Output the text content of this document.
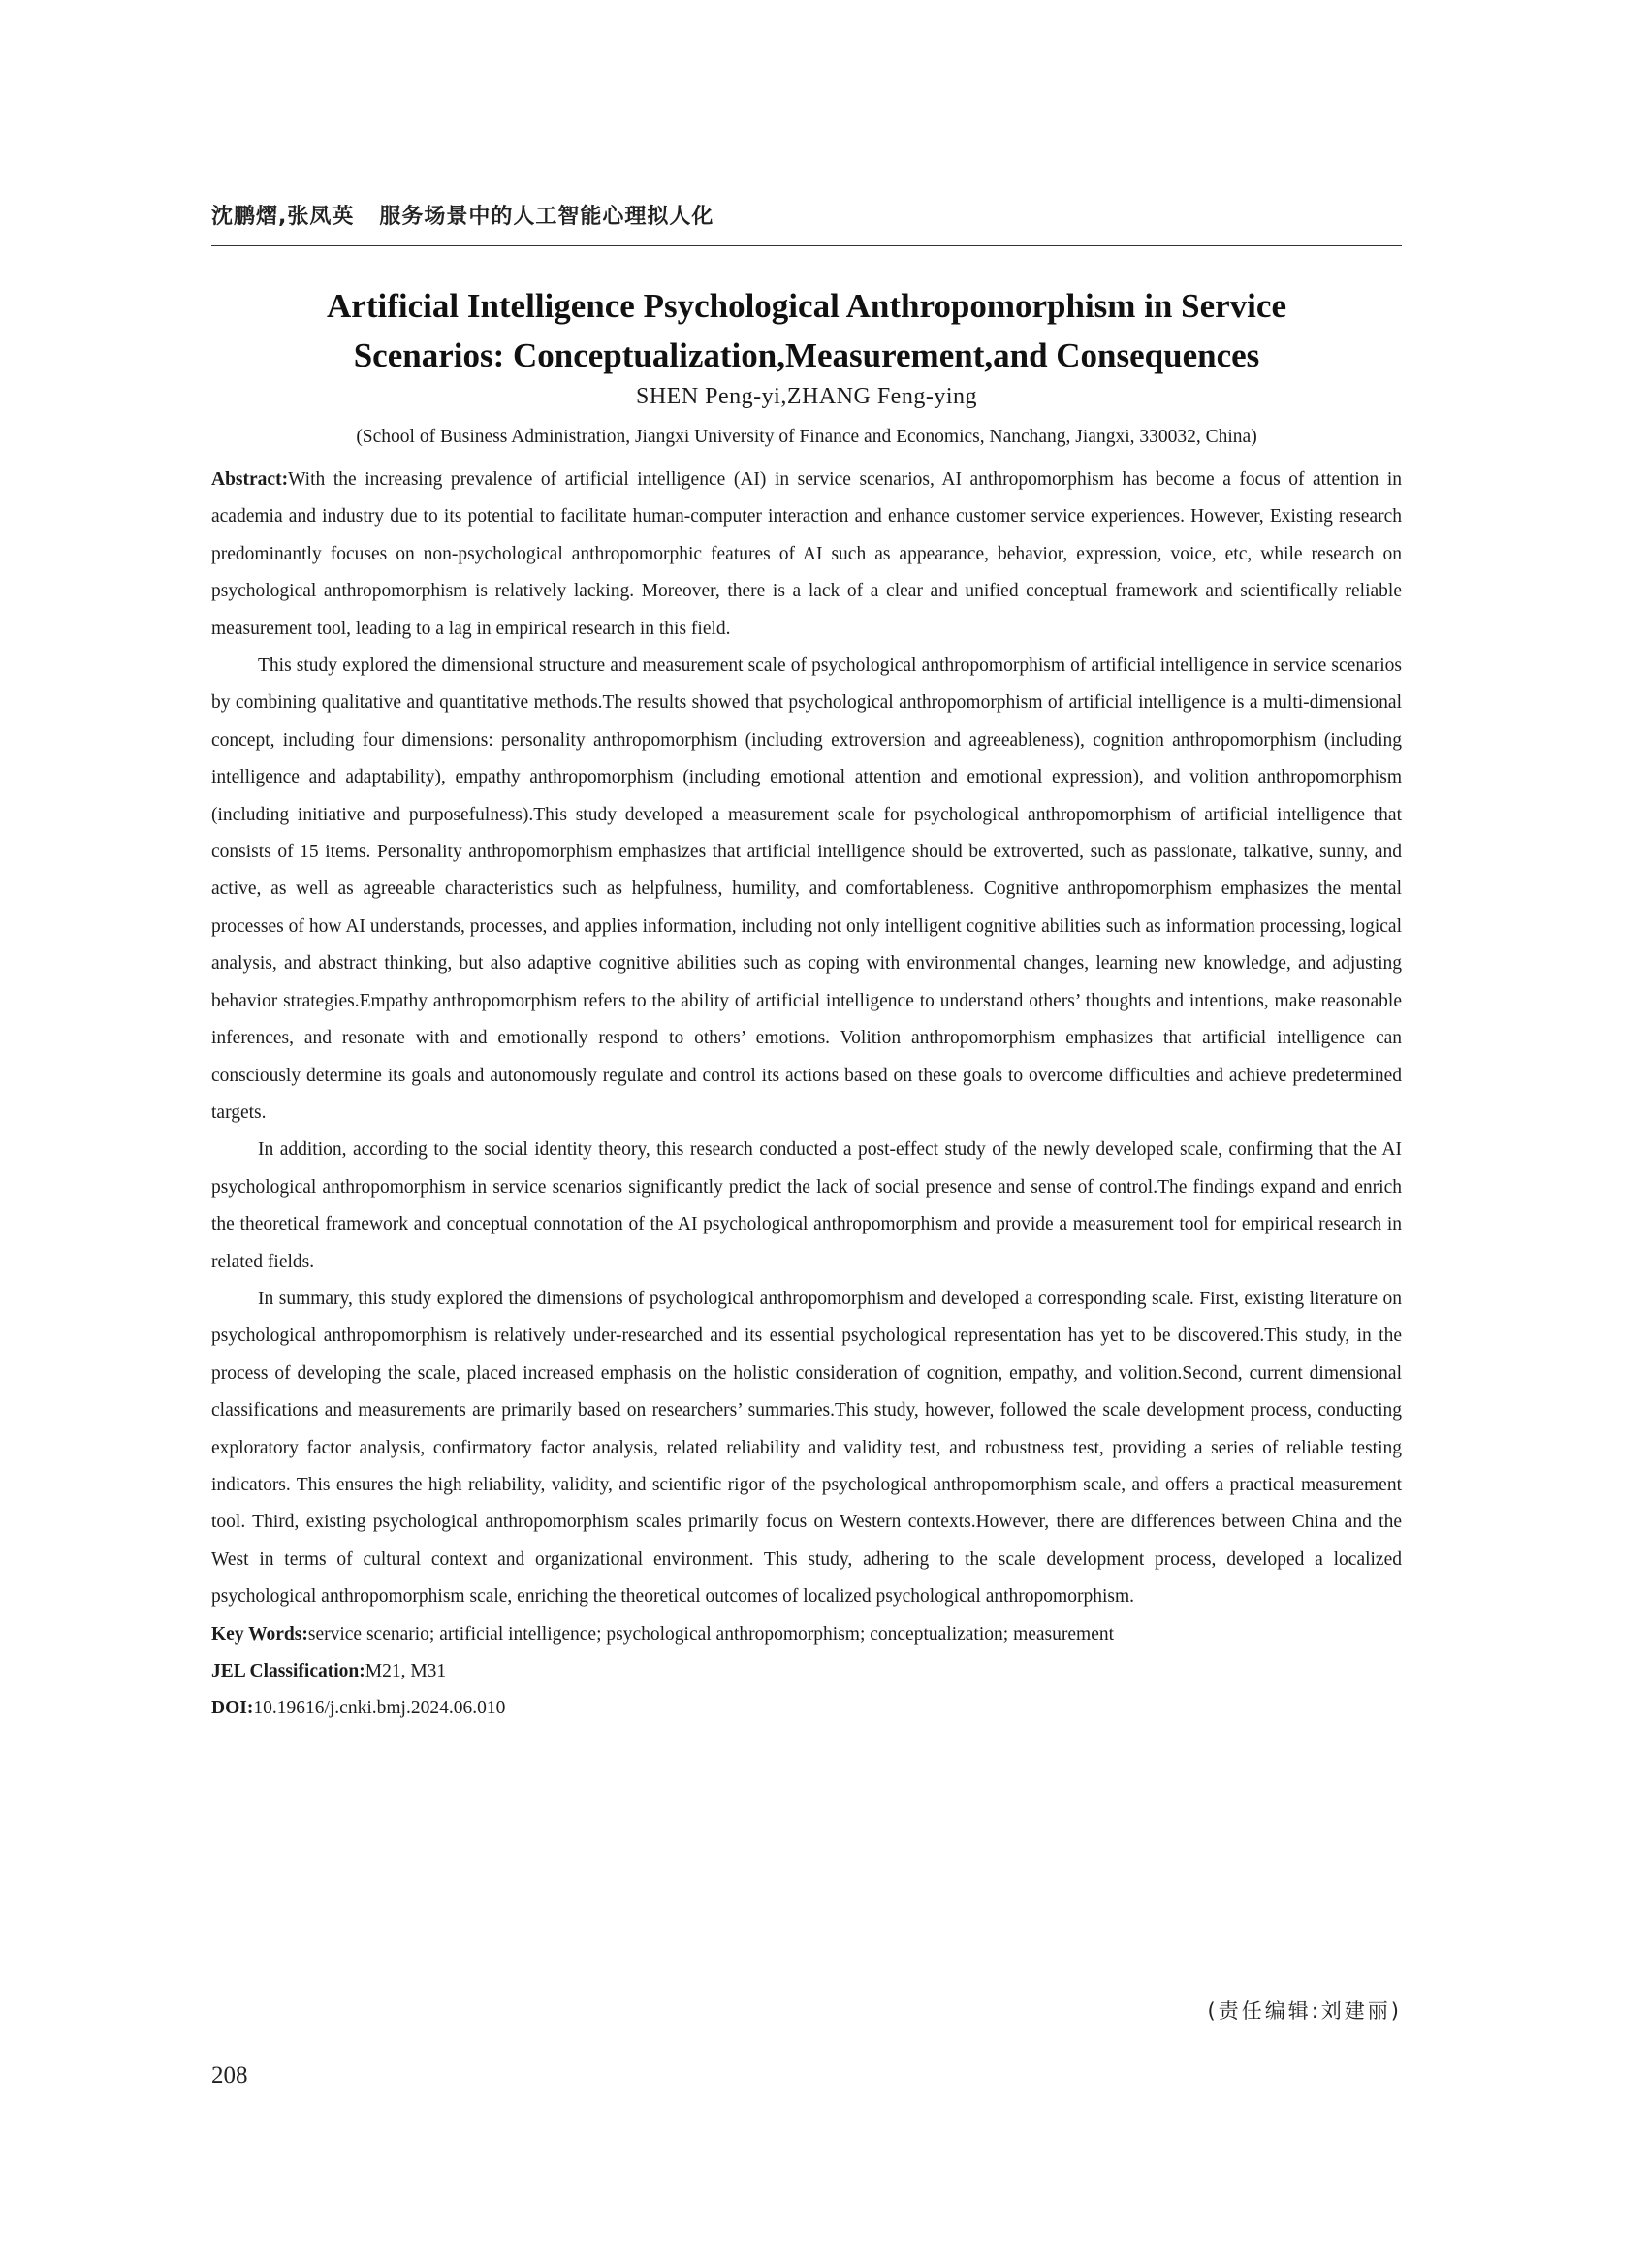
沈鹏熠,张凤英 服务场景中的人工智能心理拟人化
Artificial Intelligence Psychological Anthropomorphism in Service
Scenarios: Conceptualization,Measurement,and Consequences
SHEN Peng-yi,ZHANG Feng-ying
(School of Business Administration, Jiangxi University of Finance and Economics, Nanchang, Jiangxi, 330032, China)

Abstract:With the increasing prevalence of artificial intelligence (AI) in service scenarios, AI anthropomorphism has become a focus of attention in academia and industry due to its potential to facilitate human-computer interaction and enhance customer service experiences. However, Existing research predominantly focuses on non-psychological anthropomorphic features of AI such as appearance, behavior, expression, voice, etc, while research on psychological anthropomorphism is relatively lacking. Moreover, there is a lack of a clear and unified conceptual framework and scientifically reliable measurement tool, leading to a lag in empirical research in this field.

This study explored the dimensional structure and measurement scale of psychological anthropomorphism of artificial intelligence in service scenarios by combining qualitative and quantitative methods.The results showed that psychological anthropomorphism of artificial intelligence is a multi-dimensional concept, including four dimensions: personality anthropomorphism (including extroversion and agreeableness), cognition anthropomorphism (including intelligence and adaptability), empathy anthropomorphism (including emotional attention and emotional expression), and volition anthropomorphism (including initiative and purposefulness).This study developed a measurement scale for psychological anthropomorphism of artificial intelligence that consists of 15 items. Personality anthropomorphism emphasizes that artificial intelligence should be extroverted, such as passionate, talkative, sunny, and active, as well as agreeable characteristics such as helpfulness, humility, and comfortableness. Cognitive anthropomorphism emphasizes the mental processes of how AI understands, processes, and applies information, including not only intelligent cognitive abilities such as information processing, logical analysis, and abstract thinking, but also adaptive cognitive abilities such as coping with environmental changes, learning new knowledge, and adjusting behavior strategies.Empathy anthropomorphism refers to the ability of artificial intelligence to understand others’ thoughts and intentions, make reasonable inferences, and resonate with and emotionally respond to others’ emotions. Volition anthropomorphism emphasizes that artificial intelligence can consciously determine its goals and autonomously regulate and control its actions based on these goals to overcome difficulties and achieve predetermined targets.

In addition, according to the social identity theory, this research conducted a post-effect study of the newly developed scale, confirming that the AI psychological anthropomorphism in service scenarios significantly predict the lack of social presence and sense of control.The findings expand and enrich the theoretical framework and conceptual connotation of the AI psychological anthropomorphism and provide a measurement tool for empirical research in related fields.

In summary, this study explored the dimensions of psychological anthropomorphism and developed a corresponding scale. First, existing literature on psychological anthropomorphism is relatively under-researched and its essential psychological representation has yet to be discovered.This study, in the process of developing the scale, placed increased emphasis on the holistic consideration of cognition, empathy, and volition.Second, current dimensional classifications and measurements are primarily based on researchers’ summaries.This study, however, followed the scale development process, conducting exploratory factor analysis, confirmatory factor analysis, related reliability and validity test, and robustness test, providing a series of reliable testing indicators. This ensures the high reliability, validity, and scientific rigor of the psychological anthropomorphism scale, and offers a practical measurement tool. Third, existing psychological anthropomorphism scales primarily focus on Western contexts.However, there are differences between China and the West in terms of cultural context and organizational environment. This study, adhering to the scale development process, developed a localized psychological anthropomorphism scale, enriching the theoretical outcomes of localized psychological anthropomorphism.

Key Words:service scenario; artificial intelligence; psychological anthropomorphism; conceptualization; measurement

JEL Classification:M21, M31

DOI:10.19616/j.cnki.bmj.2024.06.010

(责任编辑:刘建丽)
208
